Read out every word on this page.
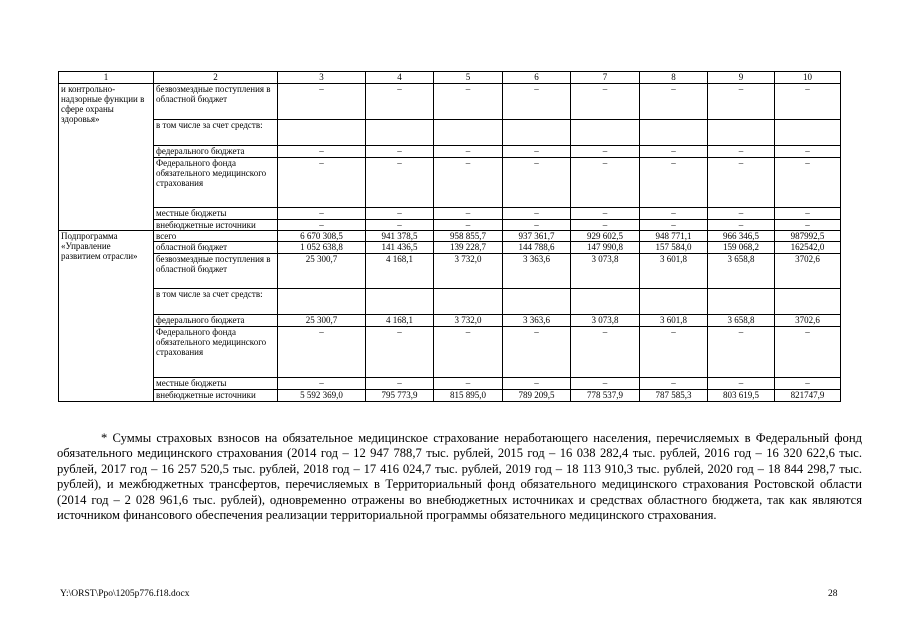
1	2	3	4	5	6	7	8	9	10
и контрольно-надзорные функции в сфере охраны здоровья»	безвозмездные поступления в областной бюджет	–	–	–	–	–	–	–	–
	в том числе за счет средств:								
	федерального бюджета	–	–	–	–	–	–	–	–
	Федерального фонда обязательного медицинского страхования	–	–	–	–	–	–	–	–
	местные бюджеты	–	–	–	–	–	–	–	–
	внебюджетные источники	–	–	–	–	–	–	–	–
Подпрограмма «Управление развитием отрасли»	всего	6 670 308,5	941 378,5	958 855,7	937 361,7	929 602,5	948 771,1	966 346,5	987992,5
	областной бюджет	1 052 638,8	141 436,5	139 228,7	144 788,6	147 990,8	157 584,0	159 068,2	162542,0
	безвозмездные поступления в областной бюджет	25 300,7	4 168,1	3 732,0	3 363,6	3 073,8	3 601,8	3 658,8	3702,6
	в том числе за счет средств:								
	федерального бюджета	25 300,7	4 168,1	3 732,0	3 363,6	3 073,8	3 601,8	3 658,8	3702,6
	Федерального фонда обязательного медицинского страхования	–	–	–	–	–	–	–	–
	местные бюджеты	–	–	–	–	–	–	–	–
	внебюджетные источники	5 592 369,0	795 773,9	815 895,0	789 209,5	778 537,9	787 585,3	803 619,5	821747,9

* Суммы страховых взносов на обязательное медицинское страхование неработающего населения, перечисляемых в Федеральный фонд обязательного медицинского страхования (2014 год – 12 947 788,7 тыс. рублей, 2015 год – 16 038 282,4 тыс. рублей, 2016 год – 16 320 622,6 тыс. рублей, 2017 год – 16 257 520,5 тыс. рублей, 2018 год – 17 416 024,7 тыс. рублей, 2019 год – 18 113 910,3 тыс. рублей, 2020 год – 18 844 298,7 тыс. рублей), и межбюджетных трансфертов, перечисляемых в Территориальный фонд обязательного медицинского страхования Ростовской области (2014 год – 2 028 961,6 тыс. рублей), одновременно отражены во внебюджетных источниках и средствах областного бюджета, так как являются источником финансового обеспечения реализации территориальной программы обязательного медицинского страхования.

Y:\ORST\Ppo\1205p776.f18.docx	28
